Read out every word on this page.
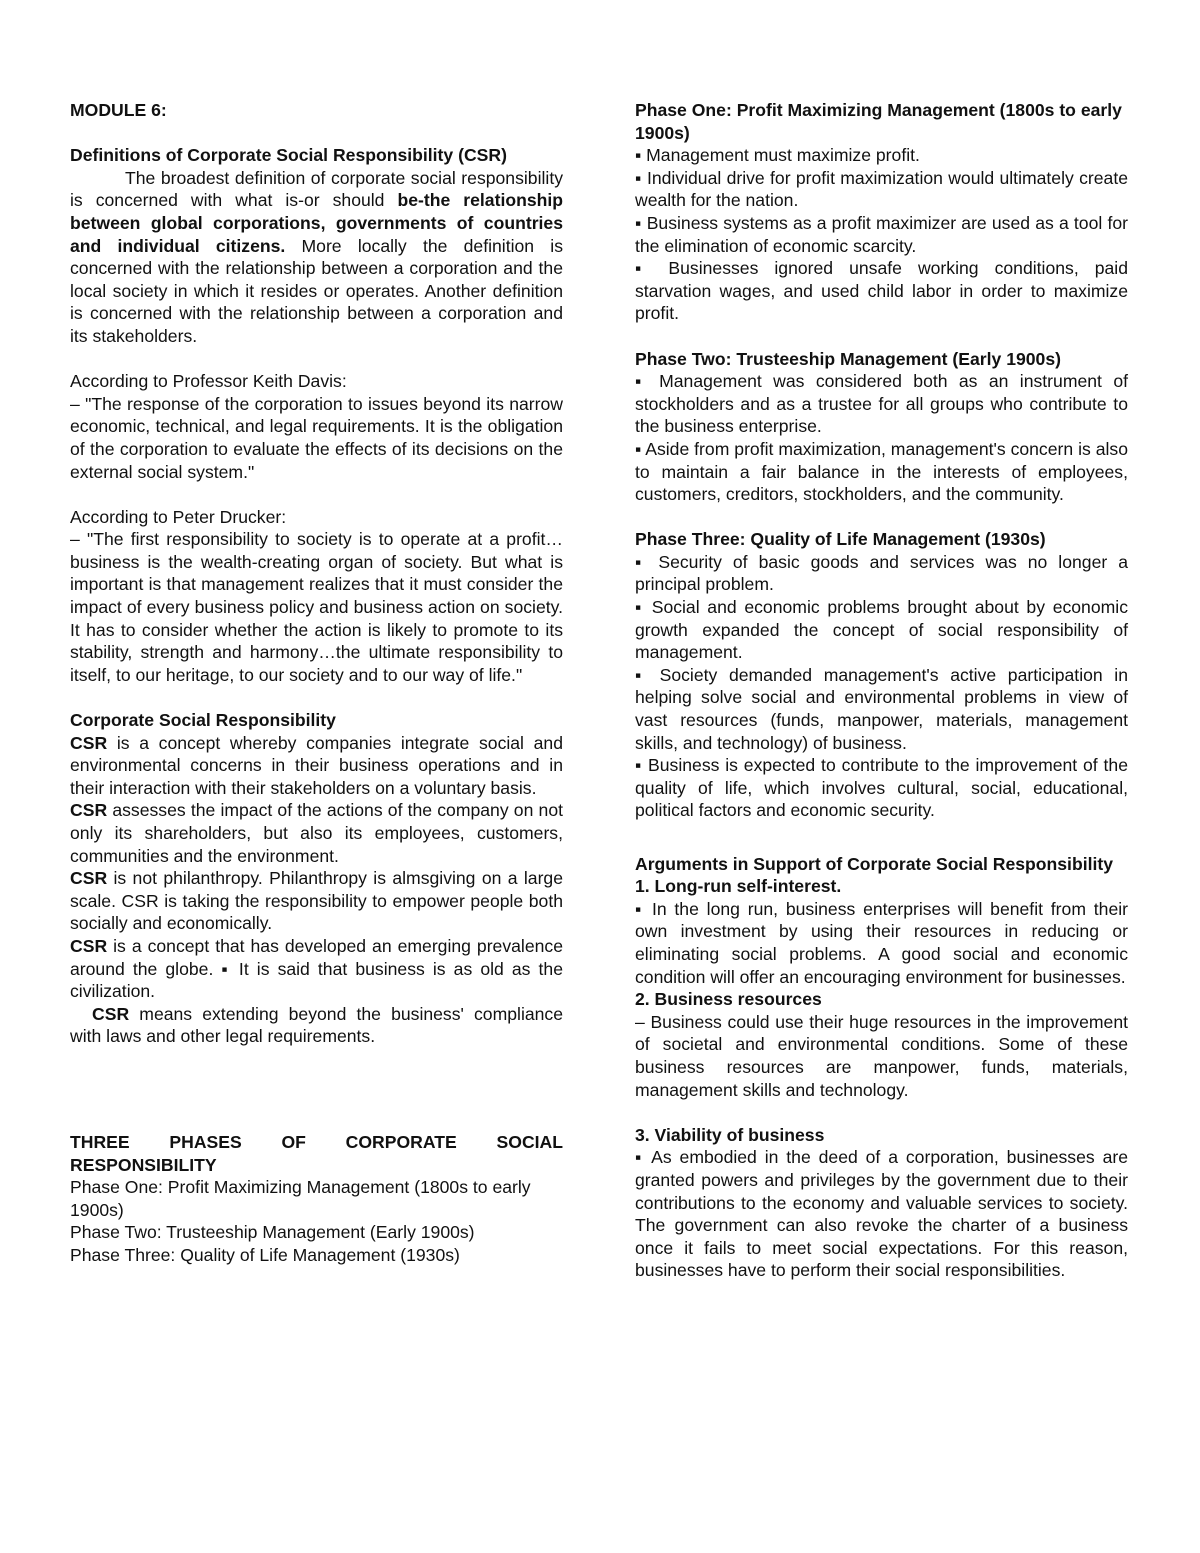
MODULE 6:

Definitions of Corporate Social Responsibility (CSR)

The broadest definition of corporate social responsibility is concerned with what is-or should be-the relationship between global corporations, governments of countries and individual citizens. More locally the definition is concerned with the relationship between a corporation and the local society in which it resides or operates. Another definition is concerned with the relationship between a corporation and its stakeholders.

According to Professor Keith Davis:

– "The response of the corporation to issues beyond its narrow economic, technical, and legal requirements. It is the obligation of the corporation to evaluate the effects of its decisions on the external social system."

According to Peter Drucker:

– "The first responsibility to society is to operate at a profit… business is the wealth-creating organ of society. But what is important is that management realizes that it must consider the impact of every business policy and business action on society. It has to consider whether the action is likely to promote to its stability, strength and harmony…the ultimate responsibility to itself, to our heritage, to our society and to our way of life."

Corporate Social Responsibility

CSR is a concept whereby companies integrate social and environmental concerns in their business operations and in their interaction with their stakeholders on a voluntary basis.

CSR assesses the impact of the actions of the company on not only its shareholders, but also its employees, customers, communities and the environment.

CSR is not philanthropy. Philanthropy is almsgiving on a large scale. CSR is taking the responsibility to empower people both socially and economically.

CSR is a concept that has developed an emerging prevalence around the globe. ▪ It is said that business is as old as the civilization.

CSR means extending beyond the business' compliance with laws and other legal requirements.

THREE PHASES OF CORPORATE SOCIAL RESPONSIBILITY

Phase One: Profit Maximizing Management (1800s to early 1900s)

Phase Two: Trusteeship Management (Early 1900s)

Phase Three: Quality of Life Management (1930s)

Phase One: Profit Maximizing Management (1800s to early 1900s)

▪ Management must maximize profit.

▪ Individual drive for profit maximization would ultimately create wealth for the nation.

▪ Business systems as a profit maximizer are used as a tool for the elimination of economic scarcity.

▪ Businesses ignored unsafe working conditions, paid starvation wages, and used child labor in order to maximize profit.

Phase Two: Trusteeship Management (Early 1900s)

▪ Management was considered both as an instrument of stockholders and as a trustee for all groups who contribute to the business enterprise.

▪ Aside from profit maximization, management's concern is also to maintain a fair balance in the interests of employees, customers, creditors, stockholders, and the community.

Phase Three: Quality of Life Management (1930s)

▪ Security of basic goods and services was no longer a principal problem.

▪ Social and economic problems brought about by economic growth expanded the concept of social responsibility of management.

▪ Society demanded management's active participation in helping solve social and environmental problems in view of vast resources (funds, manpower, materials, management skills, and technology) of business.

▪ Business is expected to contribute to the improvement of the quality of life, which involves cultural, social, educational, political factors and economic security.

Arguments in Support of Corporate Social Responsibility

1. Long-run self-interest.

▪ In the long run, business enterprises will benefit from their own investment by using their resources in reducing or eliminating social problems. A good social and economic condition will offer an encouraging environment for businesses.

2. Business resources

– Business could use their huge resources in the improvement of societal and environmental conditions. Some of these business resources are manpower, funds, materials, management skills and technology.

3. Viability of business

▪ As embodied in the deed of a corporation, businesses are granted powers and privileges by the government due to their contributions to the economy and valuable services to society. The government can also revoke the charter of a business once it fails to meet social expectations. For this reason, businesses have to perform their social responsibilities.
